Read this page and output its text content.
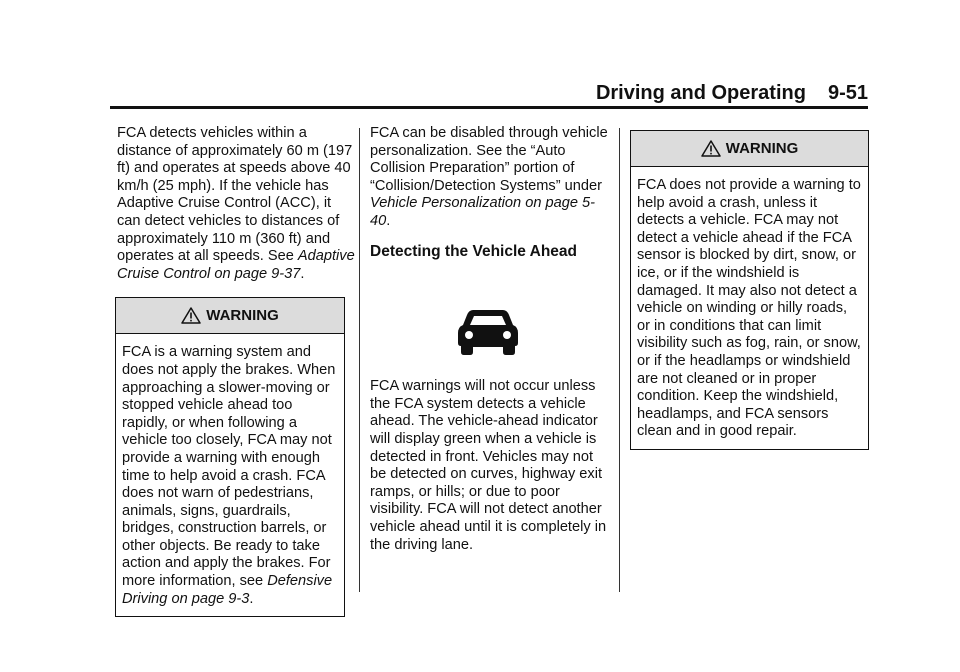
Driving and Operating 9-51

FCA detects vehicles within a distance of approximately 60 m (197 ft) and operates at speeds above 40 km/h (25 mph). If the vehicle has Adaptive Cruise Control (ACC), it can detect vehicles to distances of approximately 110 m (360 ft) and operates at all speeds. See Adaptive Cruise Control on page 9-37.

WARNING
FCA is a warning system and does not apply the brakes. When approaching a slower-moving or stopped vehicle ahead too rapidly, or when following a vehicle too closely, FCA may not provide a warning with enough time to help avoid a crash. FCA does not warn of pedestrians, animals, signs, guardrails, bridges, construction barrels, or other objects. Be ready to take action and apply the brakes. For more information, see Defensive Driving on page 9-3.

FCA can be disabled through vehicle personalization. See the “Auto Collision Preparation” portion of “Collision/Detection Systems” under Vehicle Personalization on page 5-40.

Detecting the Vehicle Ahead

FCA warnings will not occur unless the FCA system detects a vehicle ahead. The vehicle-ahead indicator will display green when a vehicle is detected in front. Vehicles may not be detected on curves, highway exit ramps, or hills; or due to poor visibility. FCA will not detect another vehicle ahead until it is completely in the driving lane.

WARNING
FCA does not provide a warning to help avoid a crash, unless it detects a vehicle. FCA may not detect a vehicle ahead if the FCA sensor is blocked by dirt, snow, or ice, or if the windshield is damaged. It may also not detect a vehicle on winding or hilly roads, or in conditions that can limit visibility such as fog, rain, or snow, or if the headlamps or windshield are not cleaned or in proper condition. Keep the windshield, headlamps, and FCA sensors clean and in good repair.
